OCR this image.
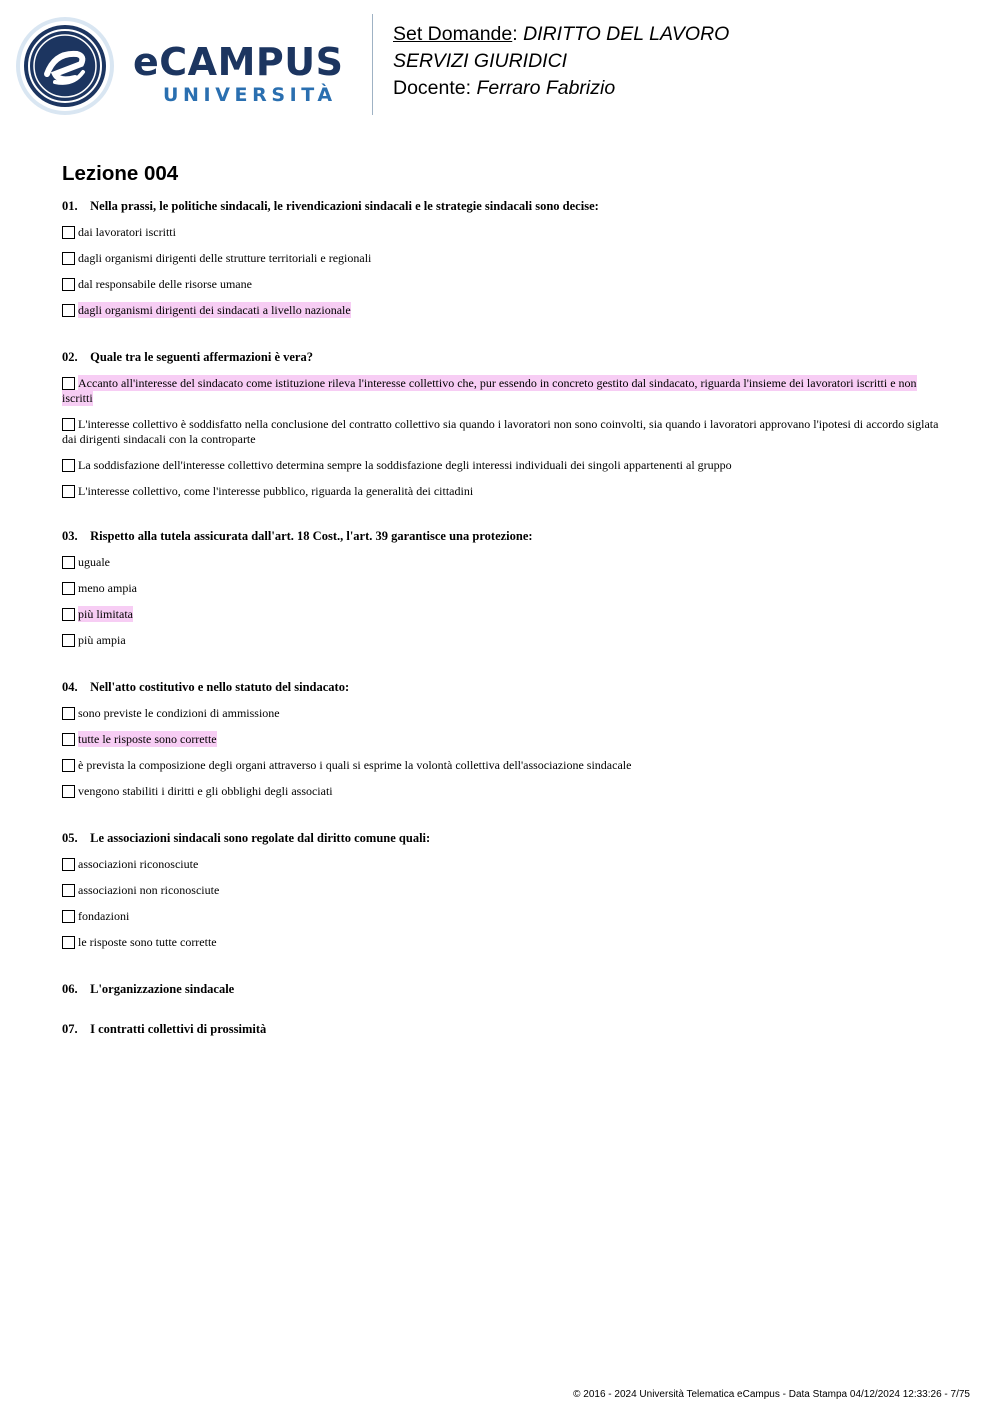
eCAMPUS
UNIVERSITÀ
Set Domande: DIRITTO DEL LAVORO
SERVIZI GIURIDICI
Docente: Ferraro Fabrizio
Lezione 004
01. Nella prassi, le politiche sindacali, le rivendicazioni sindacali e le strategie sindacali sono decise:
dai lavoratori iscritti
dagli organismi dirigenti delle strutture territoriali e regionali
dal responsabile delle risorse umane
dagli organismi dirigenti dei sindacati a livello nazionale
02. Quale tra le seguenti affermazioni è vera?
Accanto all'interesse del sindacato come istituzione rileva l'interesse collettivo che, pur essendo in concreto gestito dal sindacato, riguarda l'insieme dei lavoratori iscritti e non iscritti
L'interesse collettivo è soddisfatto nella conclusione del contratto collettivo sia quando i lavoratori non sono coinvolti, sia quando i lavoratori approvano l'ipotesi di accordo siglata dai dirigenti sindacali con la controparte
La soddisfazione dell'interesse collettivo determina sempre la soddisfazione degli interessi individuali dei singoli appartenenti al gruppo
L'interesse collettivo, come l'interesse pubblico, riguarda la generalità dei cittadini
03. Rispetto alla tutela assicurata dall'art. 18 Cost., l'art. 39 garantisce una protezione:
uguale
meno ampia
più limitata
più ampia
04. Nell'atto costitutivo e nello statuto del sindacato:
sono previste le condizioni di ammissione
tutte le risposte sono corrette
è prevista la composizione degli organi attraverso i quali si esprime la volontà collettiva dell'associazione sindacale
vengono stabiliti i diritti e gli obblighi degli associati
05. Le associazioni sindacali sono regolate dal diritto comune quali:
associazioni riconosciute
associazioni non riconosciute
fondazioni
le risposte sono tutte corrette
06. L'organizzazione sindacale
07. I contratti collettivi di prossimità
© 2016 - 2024 Università Telematica eCampus - Data Stampa 04/12/2024 12:33:26 - 7/75
